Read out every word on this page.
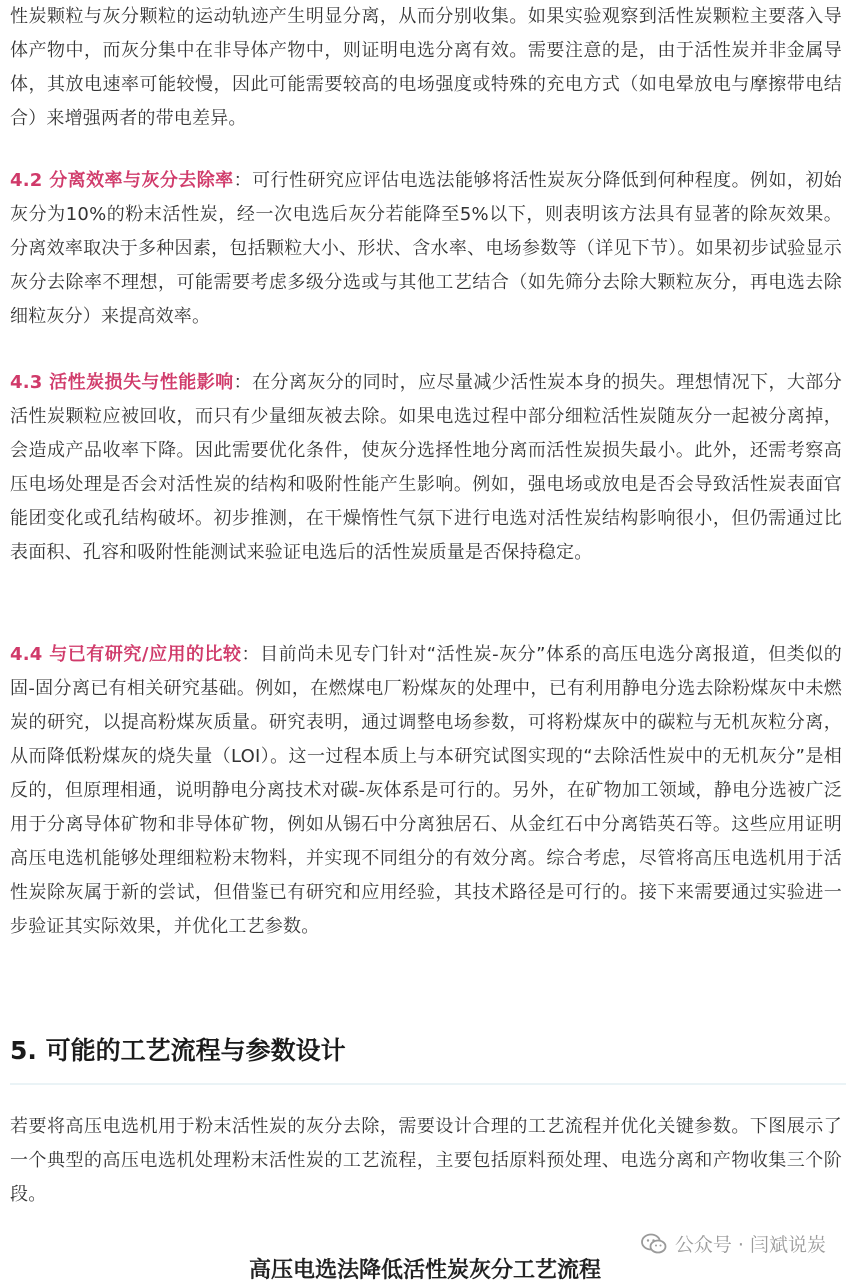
性炭颗粒与灰分颗粒的运动轨迹产生明显分离，从而分别收集。如果实验观察到活性炭颗粒主要落入导体产物中，而灰分集中在非导体产物中，则证明电选分离有效。需要注意的是，由于活性炭并非金属导体，其放电速率可能较慢，因此可能需要较高的电场强度或特殊的充电方式（如电晕放电与摩擦带电结合）来增强两者的带电差异。

4.2 分离效率与灰分去除率：可行性研究应评估电选法能够将活性炭灰分降低到何种程度。例如，初始灰分为10%的粉末活性炭，经一次电选后灰分若能降至5%以下，则表明该方法具有显著的除灰效果。分离效率取决于多种因素，包括颗粒大小、形状、含水率、电场参数等（详见下节）。如果初步试验显示灰分去除率不理想，可能需要考虑多级分选或与其他工艺结合（如先筛分去除大颗粒灰分，再电选去除细粒灰分）来提高效率。

4.3 活性炭损失与性能影响：在分离灰分的同时，应尽量减少活性炭本身的损失。理想情况下，大部分活性炭颗粒应被回收，而只有少量细灰被去除。如果电选过程中部分细粒活性炭随灰分一起被分离掉，会造成产品收率下降。因此需要优化条件，使灰分选择性地分离而活性炭损失最小。此外，还需考察高压电场处理是否会对活性炭的结构和吸附性能产生影响。例如，强电场或放电是否会导致活性炭表面官能团变化或孔结构破坏。初步推测，在干燥惰性气氛下进行电选对活性炭结构影响很小，但仍需通过比表面积、孔容和吸附性能测试来验证电选后的活性炭质量是否保持稳定。

4.4 与已有研究/应用的比较：目前尚未见专门针对“活性炭-灰分”体系的高压电选分离报道，但类似的固-固分离已有相关研究基础。例如，在燃煤电厂粉煤灰的处理中，已有利用静电分选去除粉煤灰中未燃炭的研究，以提高粉煤灰质量。研究表明，通过调整电场参数，可将粉煤灰中的碳粒与无机灰粒分离，从而降低粉煤灰的烧失量（LOI）。这一过程本质上与本研究试图实现的“去除活性炭中的无机灰分”是相反的，但原理相通，说明静电分离技术对碳-灰体系是可行的。另外，在矿物加工领域，静电分选被广泛用于分离导体矿物和非导体矿物，例如从锡石中分离独居石、从金红石中分离锆英石等。这些应用证明高压电选机能够处理细粒粉末物料，并实现不同组分的有效分离。综合考虑，尽管将高压电选机用于活性炭除灰属于新的尝试，但借鉴已有研究和应用经验，其技术路径是可行的。接下来需要通过实验进一步验证其实际效果，并优化工艺参数。

5. 可能的工艺流程与参数设计

若要将高压电选机用于粉末活性炭的灰分去除，需要设计合理的工艺流程并优化关键参数。下图展示了一个典型的高压电选机处理粉末活性炭的工艺流程，主要包括原料预处理、电选分离和产物收集三个阶段。

公众号 · 闫斌说炭
高压电选法降低活性炭灰分工艺流程
